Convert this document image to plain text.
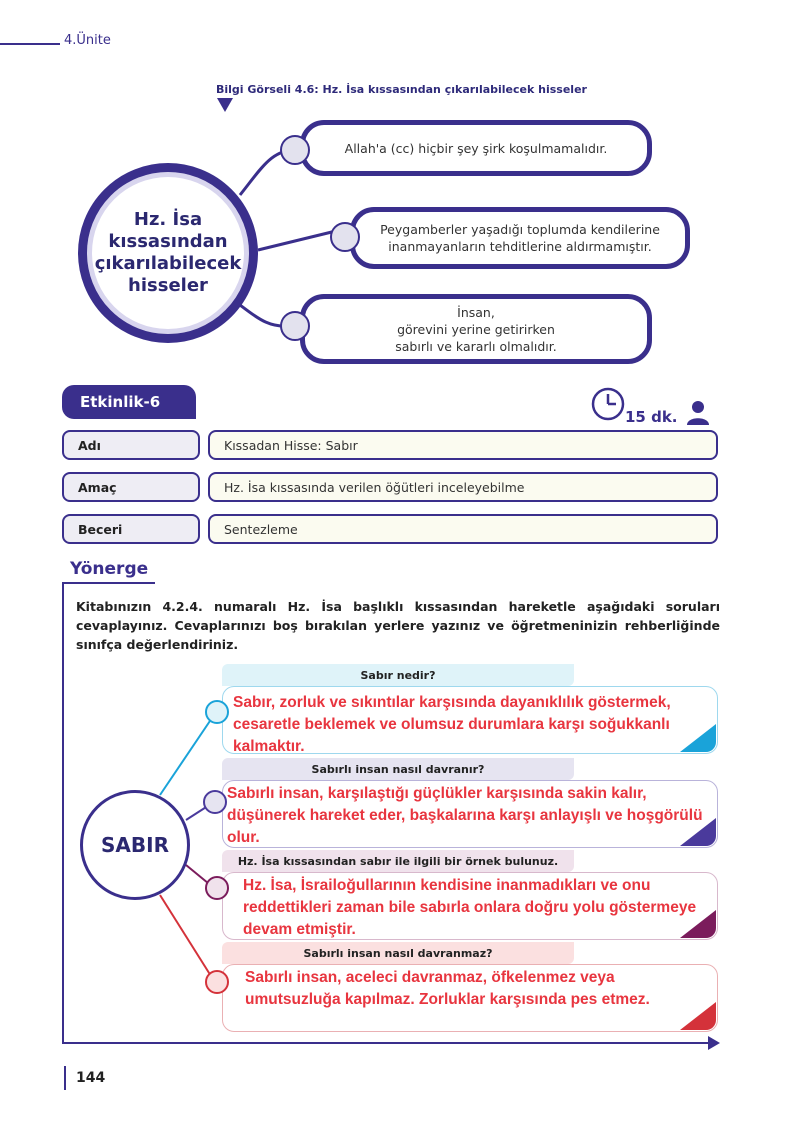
4.Ünite
Bilgi Görseli 4.6: Hz. İsa kıssasından çıkarılabilecek hisseler
Hz. İsa
kıssasından
çıkarılabilecek
hisseler
Allah'a (cc) hiçbir şey şirk koşulmamalıdır.
Peygamberler yaşadığı toplumda kendilerine inanmayanların tehditlerine aldırmamıştır.
İnsan,
görevini yerine getirirken
sabırlı ve kararlı olmalıdır.
Etkinlik-6
15 dk.
Adı	Kıssadan Hisse: Sabır
Amaç	Hz. İsa kıssasında verilen öğütleri inceleyebilme
Beceri	Sentezleme
Yönerge
Kitabınızın 4.2.4. numaralı Hz. İsa başlıklı kıssasından hareketle aşağıdaki soruları cevaplayınız. Cevaplarınızı boş bırakılan yerlere yazınız ve öğretmeninizin rehberliğinde sınıfça değerlendiriniz.
SABIR
Sabır nedir?
Sabır, zorluk ve sıkıntılar karşısında dayanıklılık göstermek, cesaretle beklemek ve olumsuz durumlara karşı soğukkanlı kalmaktır.
Sabırlı insan nasıl davranır?
Sabırlı insan, karşılaştığı güçlükler karşısında sakin kalır, düşünerek hareket eder, başkalarına karşı anlayışlı ve hoşgörülü olur.
Hz. İsa kıssasından sabır ile ilgili bir örnek bulunuz.
Hz. İsa, İsrailoğullarının kendisine inanmadıkları ve onu reddettikleri zaman bile sabırla onlara doğru yolu göstermeye devam etmiştir.
Sabırlı insan nasıl davranmaz?
Sabırlı insan, aceleci davranmaz, öfkelenmez veya umutsuzluğa kapılmaz. Zorluklar karşısında pes etmez.
144
